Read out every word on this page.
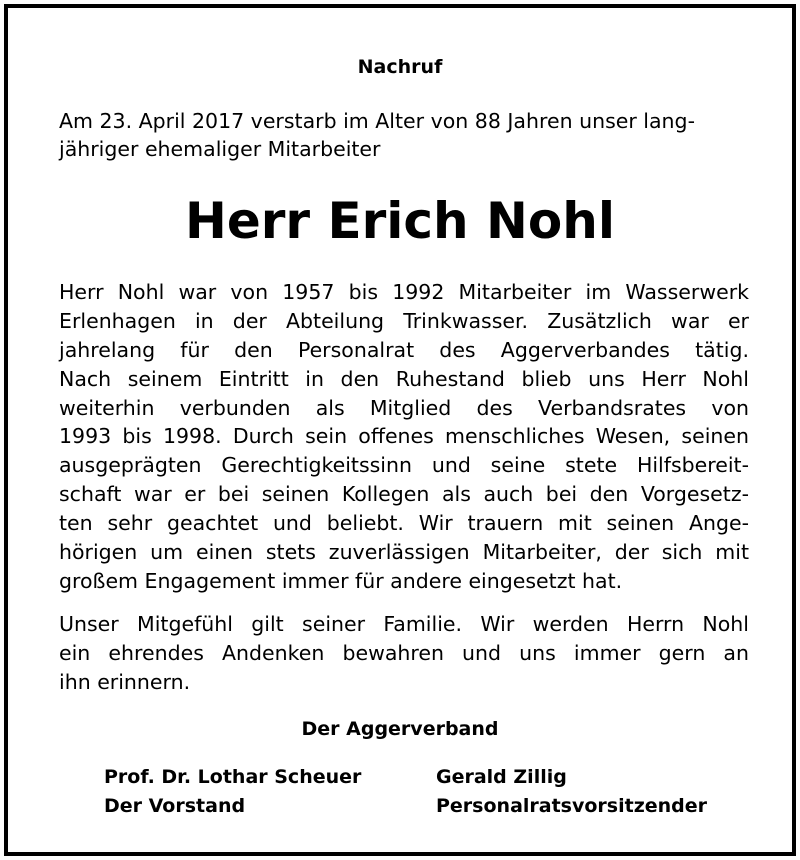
Nachruf

Am 23. April 2017 verstarb im Alter von 88 Jahren unser lang-
jähriger ehemaliger Mitarbeiter
Herr Erich Nohl
Herr Nohl war von 1957 bis 1992 Mitarbeiter im Wasserwerk
Erlenhagen in der Abteilung Trinkwasser. Zusätzlich war er
jahrelang für den Personalrat des Aggerverbandes tätig.
Nach seinem Eintritt in den Ruhestand blieb uns Herr Nohl
weiterhin verbunden als Mitglied des Verbandsrates von
1993 bis 1998. Durch sein offenes menschliches Wesen, seinen
ausgeprägten Gerechtigkeitssinn und seine stete Hilfsbereit-
schaft war er bei seinen Kollegen als auch bei den Vorgesetz-
ten sehr geachtet und beliebt. Wir trauern mit seinen Ange-
hörigen um einen stets zuverlässigen Mitarbeiter, der sich mit
großem Engagement immer für andere eingesetzt hat.
Unser Mitgefühl gilt seiner Familie. Wir werden Herrn Nohl
ein ehrendes Andenken bewahren und uns immer gern an
ihn erinnern.

Der Aggerverband

Prof. Dr. Lothar Scheuer
Der Vorstand
Gerald Zillig
Personalratsvorsitzender
